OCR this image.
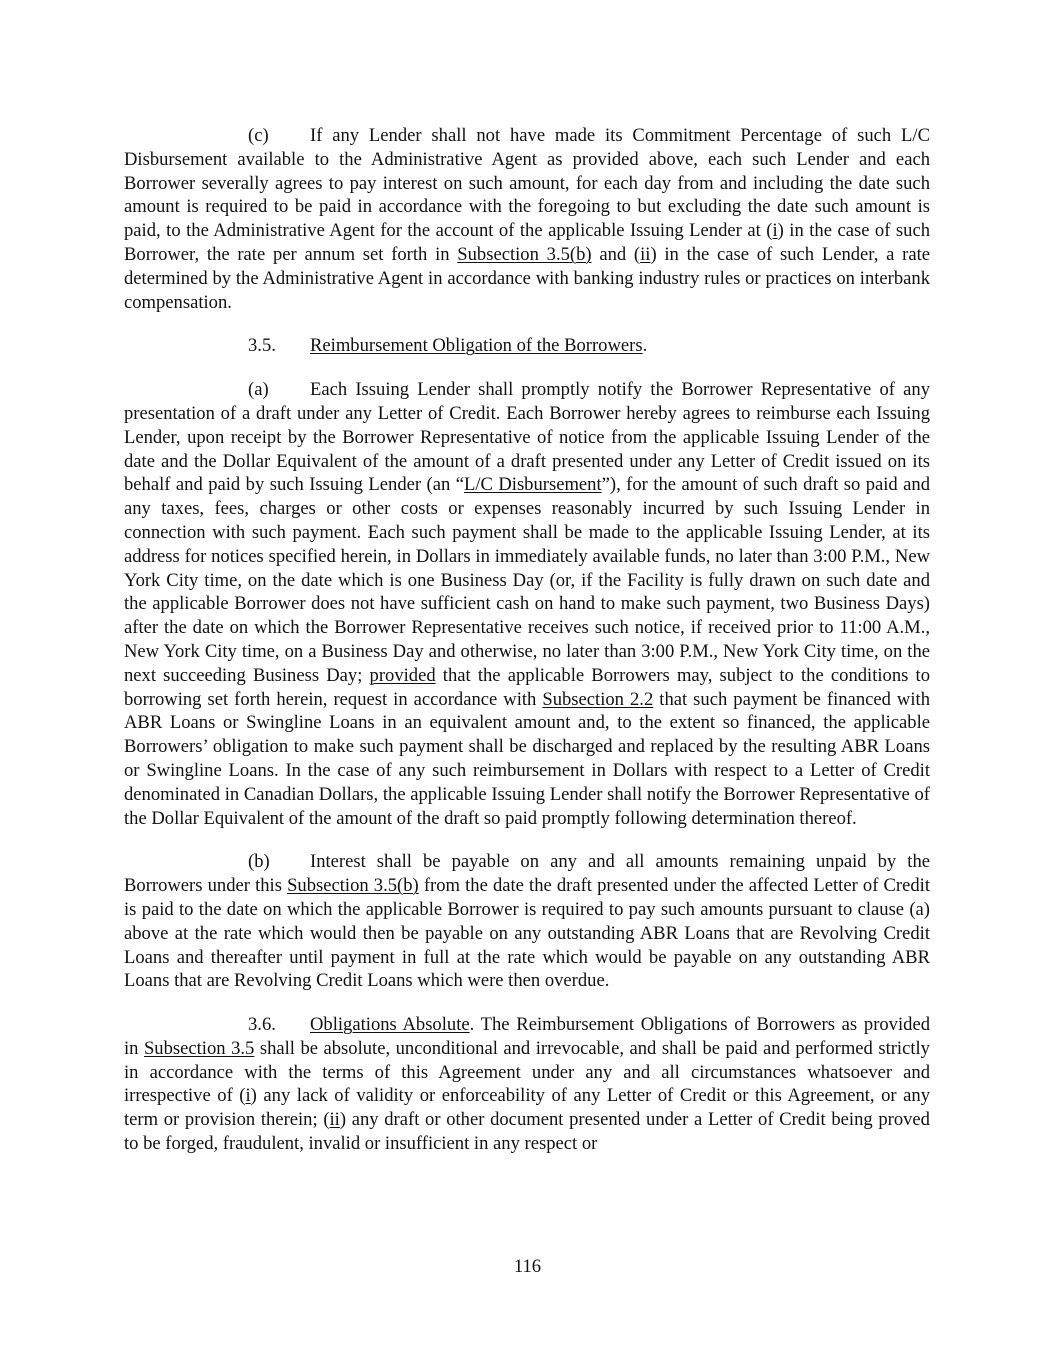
(c) If any Lender shall not have made its Commitment Percentage of such L/C Disbursement available to the Administrative Agent as provided above, each such Lender and each Borrower severally agrees to pay interest on such amount, for each day from and including the date such amount is required to be paid in accordance with the foregoing to but excluding the date such amount is paid, to the Administrative Agent for the account of the applicable Issuing Lender at (i) in the case of such Borrower, the rate per annum set forth in Subsection 3.5(b) and (ii) in the case of such Lender, a rate determined by the Administrative Agent in accordance with banking industry rules or practices on interbank compensation.

3.5. Reimbursement Obligation of the Borrowers.

(a) Each Issuing Lender shall promptly notify the Borrower Representative of any presentation of a draft under any Letter of Credit. Each Borrower hereby agrees to reimburse each Issuing Lender, upon receipt by the Borrower Representative of notice from the applicable Issuing Lender of the date and the Dollar Equivalent of the amount of a draft presented under any Letter of Credit issued on its behalf and paid by such Issuing Lender (an “L/C Disbursement”), for the amount of such draft so paid and any taxes, fees, charges or other costs or expenses reasonably incurred by such Issuing Lender in connection with such payment. Each such payment shall be made to the applicable Issuing Lender, at its address for notices specified herein, in Dollars in immediately available funds, no later than 3:00 P.M., New York City time, on the date which is one Business Day (or, if the Facility is fully drawn on such date and the applicable Borrower does not have sufficient cash on hand to make such payment, two Business Days) after the date on which the Borrower Representative receives such notice, if received prior to 11:00 A.M., New York City time, on a Business Day and otherwise, no later than 3:00 P.M., New York City time, on the next succeeding Business Day; provided that the applicable Borrowers may, subject to the conditions to borrowing set forth herein, request in accordance with Subsection 2.2 that such payment be financed with ABR Loans or Swingline Loans in an equivalent amount and, to the extent so financed, the applicable Borrowers’ obligation to make such payment shall be discharged and replaced by the resulting ABR Loans or Swingline Loans. In the case of any such reimbursement in Dollars with respect to a Letter of Credit denominated in Canadian Dollars, the applicable Issuing Lender shall notify the Borrower Representative of the Dollar Equivalent of the amount of the draft so paid promptly following determination thereof.

(b) Interest shall be payable on any and all amounts remaining unpaid by the Borrowers under this Subsection 3.5(b) from the date the draft presented under the affected Letter of Credit is paid to the date on which the applicable Borrower is required to pay such amounts pursuant to clause (a) above at the rate which would then be payable on any outstanding ABR Loans that are Revolving Credit Loans and thereafter until payment in full at the rate which would be payable on any outstanding ABR Loans that are Revolving Credit Loans which were then overdue.

3.6. Obligations Absolute. The Reimbursement Obligations of Borrowers as provided in Subsection 3.5 shall be absolute, unconditional and irrevocable, and shall be paid and performed strictly in accordance with the terms of this Agreement under any and all circumstances whatsoever and irrespective of (i) any lack of validity or enforceability of any Letter of Credit or this Agreement, or any term or provision therein; (ii) any draft or other document presented under a Letter of Credit being proved to be forged, fraudulent, invalid or insufficient in any respect or

116
